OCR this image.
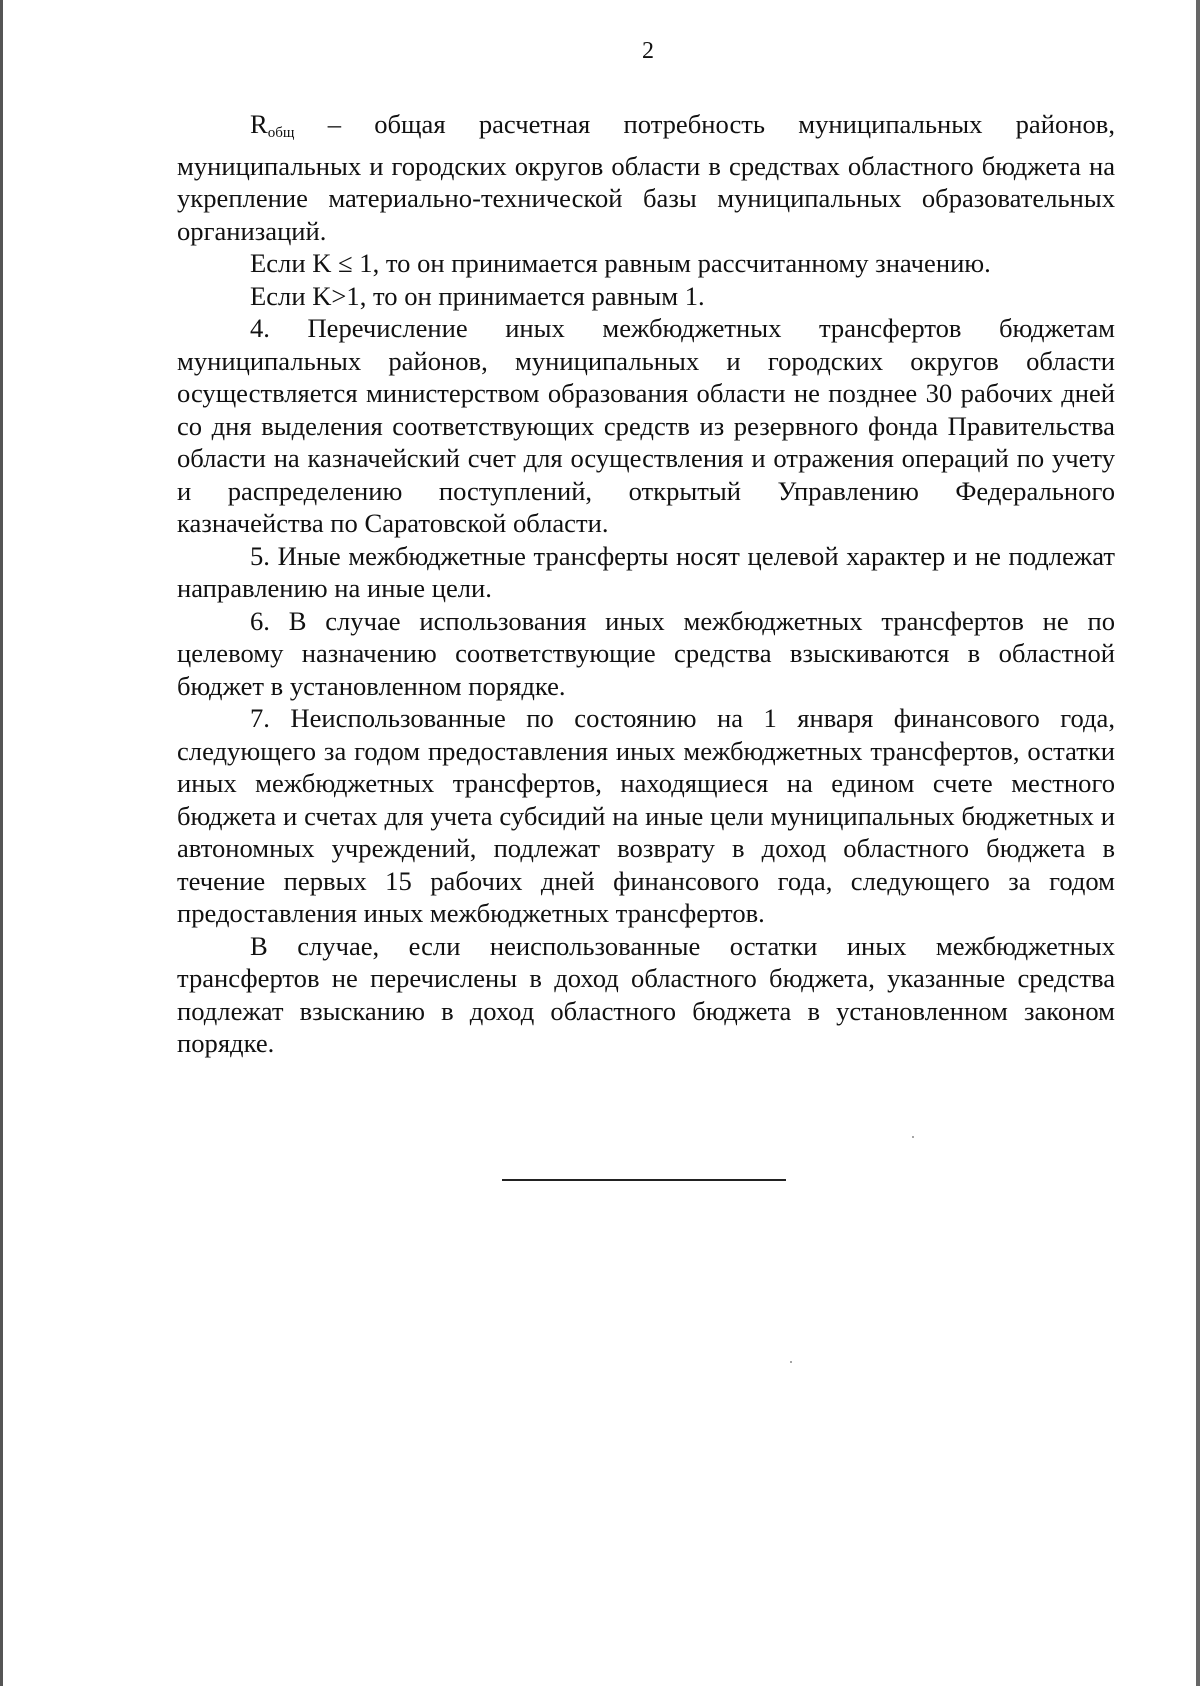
2

$R_{общ}$ – общая расчетная потребность муниципальных районов, муниципальных и городских округов области в средствах областного бюджета на укрепление материально-технической базы муниципальных образовательных организаций.

Если K ≤ 1, то он принимается равным рассчитанному значению.

Если K>1, то он принимается равным 1.

4. Перечисление иных межбюджетных трансфертов бюджетам муниципальных районов, муниципальных и городских округов области осуществляется министерством образования области не позднее 30 рабочих дней со дня выделения соответствующих средств из резервного фонда Правительства области на казначейский счет для осуществления и отражения операций по учету и распределению поступлений, открытый Управлению Федерального казначейства по Саратовской области.

5. Иные межбюджетные трансферты носят целевой характер и не подлежат направлению на иные цели.

6. В случае использования иных межбюджетных трансфертов не по целевому назначению соответствующие средства взыскиваются в областной бюджет в установленном порядке.

7. Неиспользованные по состоянию на 1 января финансового года, следующего за годом предоставления иных межбюджетных трансфертов, остатки иных межбюджетных трансфертов, находящиеся на едином счете местного бюджета и счетах для учета субсидий на иные цели муниципальных бюджетных и автономных учреждений, подлежат возврату в доход областного бюджета в течение первых 15 рабочих дней финансового года, следующего за годом предоставления иных межбюджетных трансфертов.

В случае, если неиспользованные остатки иных межбюджетных трансфертов не перечислены в доход областного бюджета, указанные средства подлежат взысканию в доход областного бюджета в установленном законом порядке.
